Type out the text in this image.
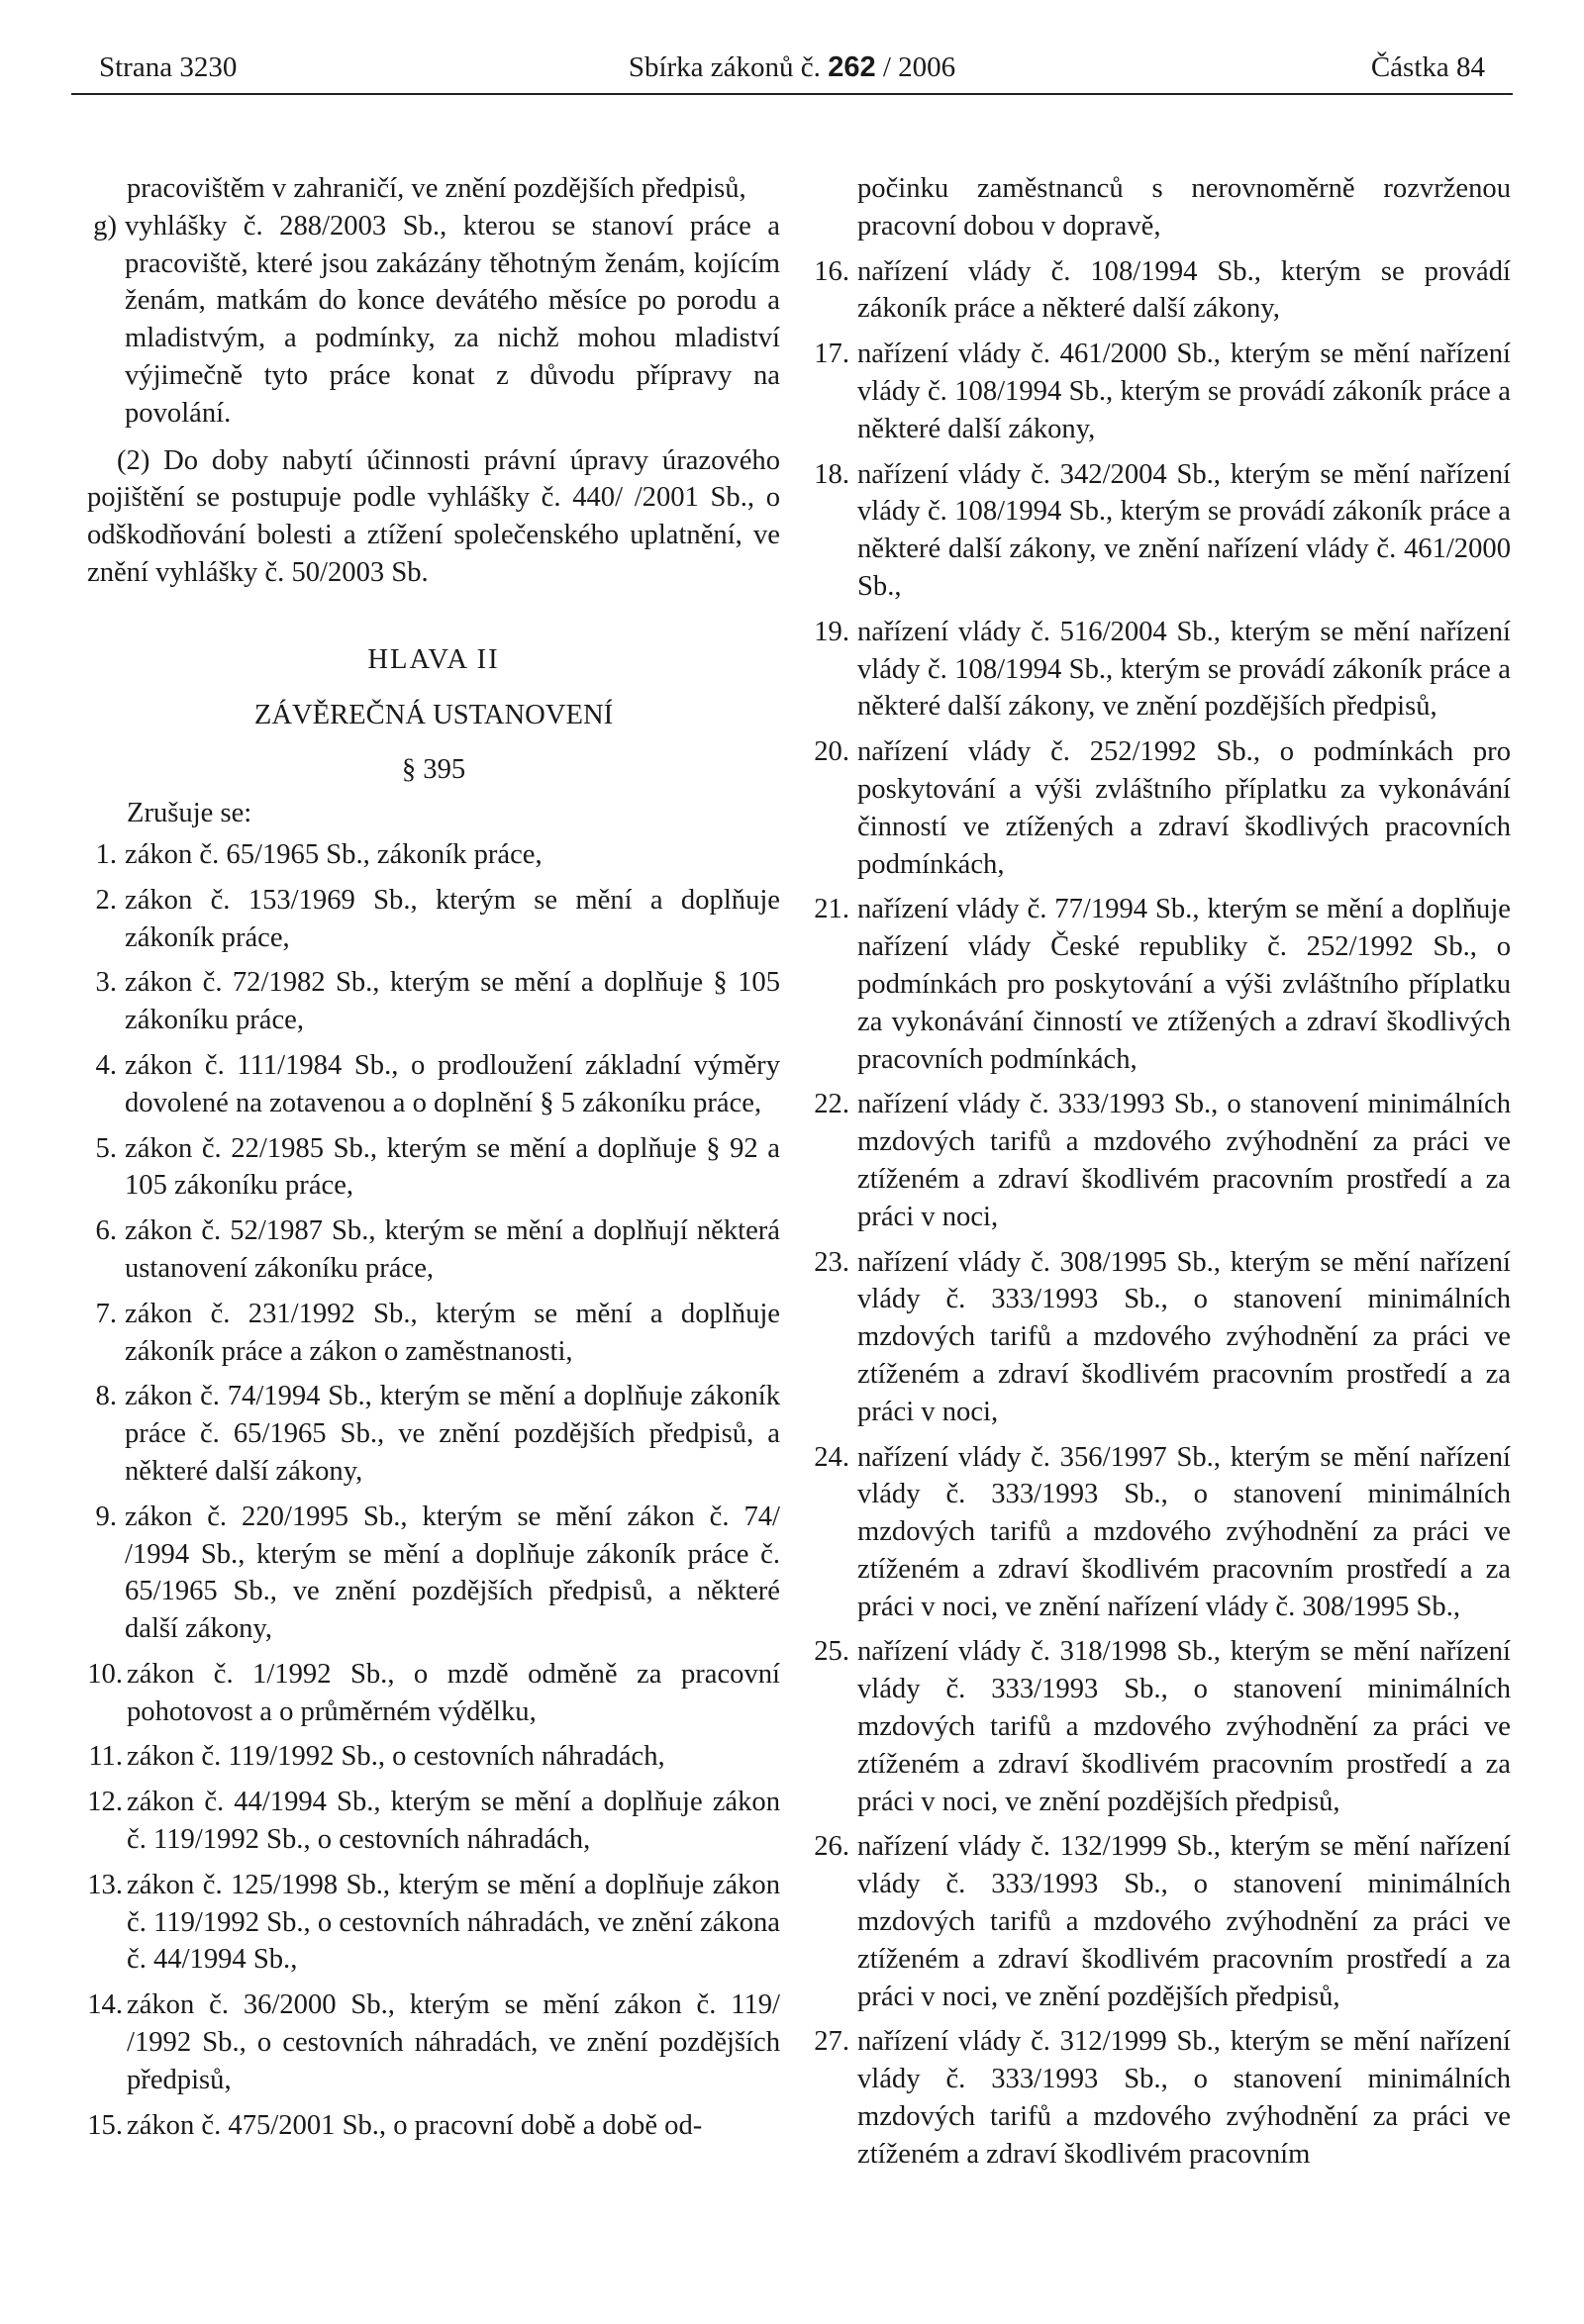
Strana 3230	Sbírka zákonů č. 262 / 2006	Částka 84

pracovištěm v zahraničí, ve znění pozdějších předpisů,

g) vyhlášky č. 288/2003 Sb., kterou se stanoví práce a pracoviště, které jsou zakázány těhotným ženám, kojícím ženám, matkám do konce devátého měsíce po porodu a mladistvým, a podmínky, za nichž mohou mladiství výjimečně tyto práce konat z důvodu přípravy na povolání.

(2) Do doby nabytí účinnosti právní úpravy úrazového pojištění se postupuje podle vyhlášky č. 440/ /2001 Sb., o odškodňování bolesti a ztížení společenského uplatnění, ve znění vyhlášky č. 50/2003 Sb.

HLAVA II

ZÁVĚREČNÁ USTANOVENÍ

§ 395

Zrušuje se:

1. zákon č. 65/1965 Sb., zákoník práce,
2. zákon č. 153/1969 Sb., kterým se mění a doplňuje zákoník práce,
3. zákon č. 72/1982 Sb., kterým se mění a doplňuje § 105 zákoníku práce,
4. zákon č. 111/1984 Sb., o prodloužení základní výměry dovolené na zotavenou a o doplnění § 5 zákoníku práce,
5. zákon č. 22/1985 Sb., kterým se mění a doplňuje § 92 a 105 zákoníku práce,
6. zákon č. 52/1987 Sb., kterým se mění a doplňují některá ustanovení zákoníku práce,
7. zákon č. 231/1992 Sb., kterým se mění a doplňuje zákoník práce a zákon o zaměstnanosti,
8. zákon č. 74/1994 Sb., kterým se mění a doplňuje zákoník práce č. 65/1965 Sb., ve znění pozdějších předpisů, a některé další zákony,
9. zákon č. 220/1995 Sb., kterým se mění zákon č. 74/ /1994 Sb., kterým se mění a doplňuje zákoník práce č. 65/1965 Sb., ve znění pozdějších předpisů, a některé další zákony,
10. zákon č. 1/1992 Sb., o mzdě odměně za pracovní pohotovost a o průměrném výdělku,
11. zákon č. 119/1992 Sb., o cestovních náhradách,
12. zákon č. 44/1994 Sb., kterým se mění a doplňuje zákon č. 119/1992 Sb., o cestovních náhradách,
13. zákon č. 125/1998 Sb., kterým se mění a doplňuje zákon č. 119/1992 Sb., o cestovních náhradách, ve znění zákona č. 44/1994 Sb.,
14. zákon č. 36/2000 Sb., kterým se mění zákon č. 119/ /1992 Sb., o cestovních náhradách, ve znění pozdějších předpisů,
15. zákon č. 475/2001 Sb., o pracovní době a době od-

počinku zaměstnanců s nerovnoměrně rozvrženou pracovní dobou v dopravě,

16. nařízení vlády č. 108/1994 Sb., kterým se provádí zákoník práce a některé další zákony,
17. nařízení vlády č. 461/2000 Sb., kterým se mění nařízení vlády č. 108/1994 Sb., kterým se provádí zákoník práce a některé další zákony,
18. nařízení vlády č. 342/2004 Sb., kterým se mění nařízení vlády č. 108/1994 Sb., kterým se provádí zákoník práce a některé další zákony, ve znění nařízení vlády č. 461/2000 Sb.,
19. nařízení vlády č. 516/2004 Sb., kterým se mění nařízení vlády č. 108/1994 Sb., kterým se provádí zákoník práce a některé další zákony, ve znění pozdějších předpisů,
20. nařízení vlády č. 252/1992 Sb., o podmínkách pro poskytování a výši zvláštního příplatku za vykonávání činností ve ztížených a zdraví škodlivých pracovních podmínkách,
21. nařízení vlády č. 77/1994 Sb., kterým se mění a doplňuje nařízení vlády České republiky č. 252/1992 Sb., o podmínkách pro poskytování a výši zvláštního příplatku za vykonávání činností ve ztížených a zdraví škodlivých pracovních podmínkách,
22. nařízení vlády č. 333/1993 Sb., o stanovení minimálních mzdových tarifů a mzdového zvýhodnění za práci ve ztíženém a zdraví škodlivém pracovním prostředí a za práci v noci,
23. nařízení vlády č. 308/1995 Sb., kterým se mění nařízení vlády č. 333/1993 Sb., o stanovení minimálních mzdových tarifů a mzdového zvýhodnění za práci ve ztíženém a zdraví škodlivém pracovním prostředí a za práci v noci,
24. nařízení vlády č. 356/1997 Sb., kterým se mění nařízení vlády č. 333/1993 Sb., o stanovení minimálních mzdových tarifů a mzdového zvýhodnění za práci ve ztíženém a zdraví škodlivém pracovním prostředí a za práci v noci, ve znění nařízení vlády č. 308/1995 Sb.,
25. nařízení vlády č. 318/1998 Sb., kterým se mění nařízení vlády č. 333/1993 Sb., o stanovení minimálních mzdových tarifů a mzdového zvýhodnění za práci ve ztíženém a zdraví škodlivém pracovním prostředí a za práci v noci, ve znění pozdějších předpisů,
26. nařízení vlády č. 132/1999 Sb., kterým se mění nařízení vlády č. 333/1993 Sb., o stanovení minimálních mzdových tarifů a mzdového zvýhodnění za práci ve ztíženém a zdraví škodlivém pracovním prostředí a za práci v noci, ve znění pozdějších předpisů,
27. nařízení vlády č. 312/1999 Sb., kterým se mění nařízení vlády č. 333/1993 Sb., o stanovení minimálních mzdových tarifů a mzdového zvýhodnění za práci ve ztíženém a zdraví škodlivém pracovním
